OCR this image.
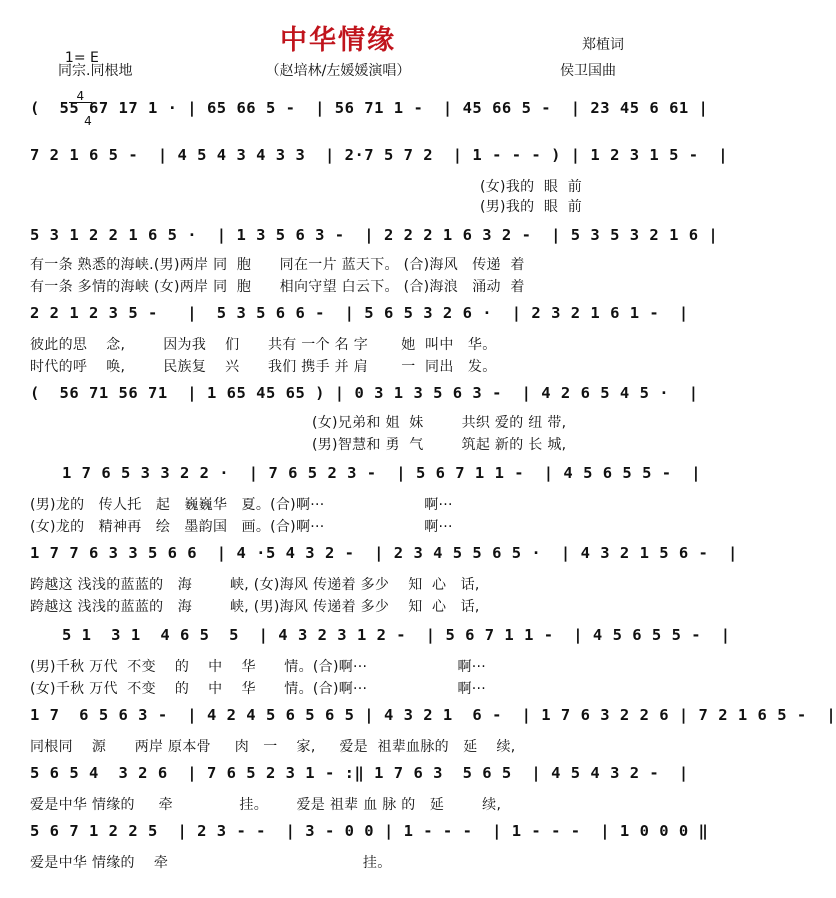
中华情缘

1= E

$\frac{4}{4}$

同宗.同根地	（赵培林/左媛媛演唱）
郑植词
侯卫国曲
(  55 67 17 1 · | 65 66 5 -  | 56 71 1 -  | 45 66 5 -  | 23 45 6 61 |
7 2 1 6 5 -  | 4 5 4 3 4 3 3  | 2·7 5 7 2  | 1 - - - ) | 1 2 3 1 5 -  |
5 3 1 2 2 1 6 5 ·  | 1 3 5 6 3 -  | 2 2 2 1 6 3 2 -  | 5 3 5 3 2 1 6 |
2 2 1 2 3 5 -   |  5 3 5 6 6 -  | 5 6 5 3 2 6 ·  | 2 3 2 1 6 1 -  |
(  56 71 56 71  | 1 65 45 65 ) | 0 3 1 3 5 6 3 -  | 4 2 6 5 4 5 ·  |
1 7 6 5 3 3 2 2 ·  | 7 6 5 2 3 -  | 5 6 7 1 1 -  | 4 5 6 5 5 -  |
1 7 7 6 3 3 5 6 6  | 4 ·5 4 3 2 -  | 2 3 4 5 5 6 5 ·  | 4 3 2 1 5 6 -  |
5 1  3 1  4 6 5  5  | 4 3 2 3 1 2 -  | 5 6 7 1 1 -  | 4 5 6 5 5 -  |
1 7  6 5 6 3 -  | 4 2 4 5 6 5 6 5 | 4 3 2 1  6 -  | 1 7 6 3 2 2 6 | 7 2 1 6 5 -  |
5 6 5 4  3 2 6  | 7 6 5 2 3 1 - :‖ 1 7 6 3  5 6 5  | 4 5 4 3 2 -  |
5 6 7 1 2 2 5  | 2 3 - -  | 3 - 0 0 | 1 - - -  | 1 - - -  | 1 0 0 0 ‖
(女)我的  眼  前
(男)我的  眼  前
有一条 熟悉的海峡.(男)两岸 同  胞      同在一片 蓝天下。 (合)海风   传递  着
有一条 多情的海峡 (女)两岸 同  胞      相向守望 白云下。 (合)海浪   涌动  着
彼此的思    念,        因为我    们      共有 一个 名 字       她  叫中   华。
时代的呼    唤,        民族复    兴      我们 携手 并 肩       一  同出   发。
(女)兄弟和 姐  妹        共织 爱的 纽 带,
(男)智慧和 勇  气        筑起 新的 长 城,
(男)龙的   传人托   起   巍巍华   夏。(合)啊···                     啊···
(女)龙的   精神再   绘   墨韵国   画。(合)啊···                     啊···
跨越这 浅浅的蓝蓝的   海        峡, (女)海风 传递着 多少    知  心   话,
跨越这 浅浅的蓝蓝的   海        峡, (男)海风 传递着 多少    知  心   话,
(男)千秋 万代  不变    的    中    华      情。(合)啊···                   啊···
(女)千秋 万代  不变    的    中    华      情。(合)啊···                   啊···
同根同    源      两岸 原本骨     肉   一    家,     爱是  祖辈血脉的   延    续,
爱是中华 情缘的     牵              挂。      爱是 祖辈 血 脉 的   延        续,
爱是中华 情缘的    牵                                         挂。
